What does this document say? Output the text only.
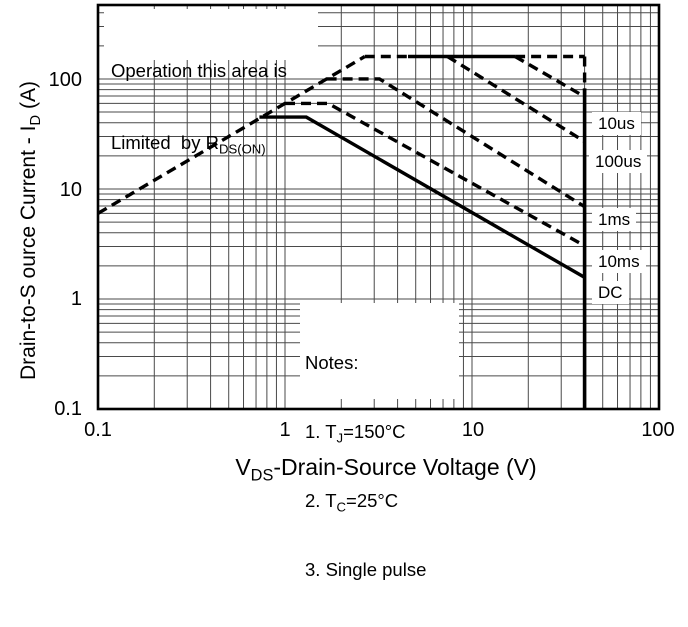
100
10
1
0.1
0.1	1	10	100
$V_{DS}-Drain$-Source Voltage (V)
Drain-to-S ource Current - $I_D$ (A)

Operation this area is

Limited  by $R_{DS(ON)}$

Notes:

1. $T_J=150^\circ C$

2. $T_C=25^\circ C$

3. Single pulse

10us
100us
1ms
10ms
DC
